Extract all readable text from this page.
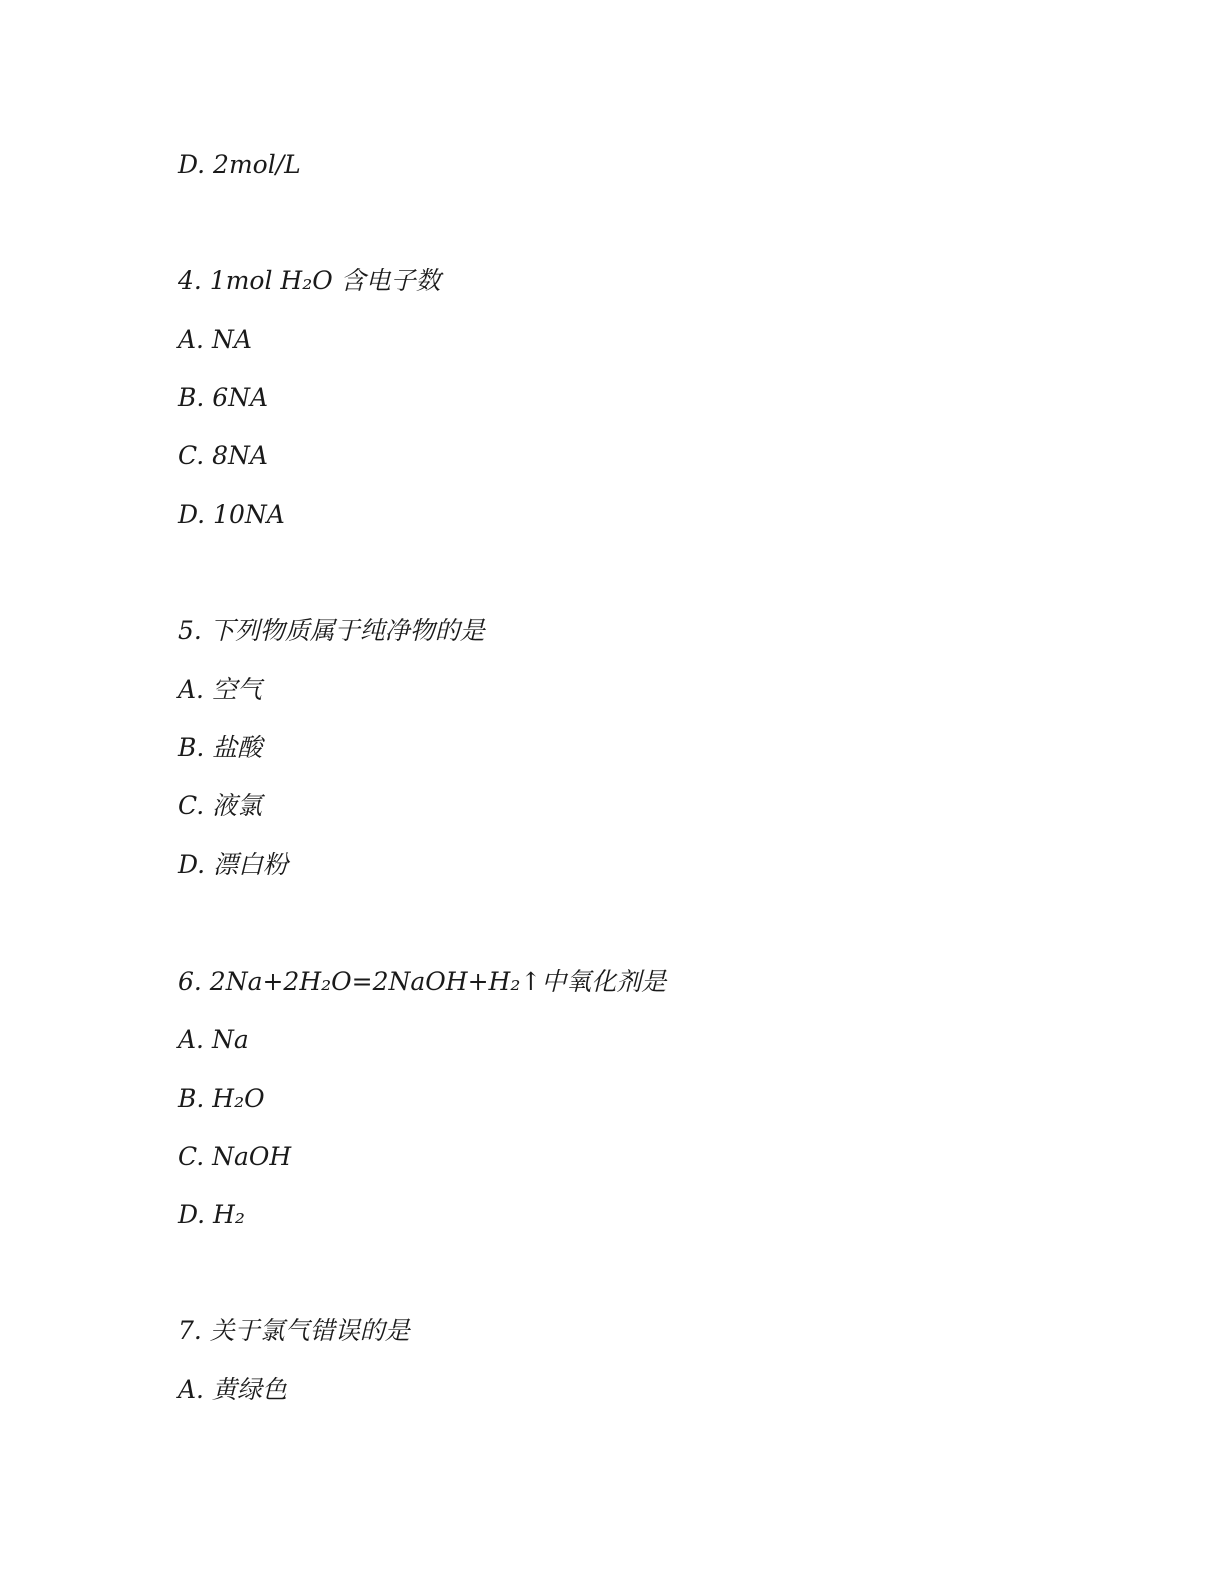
D. 2mol/L
4. 1mol H₂O 含电子数
A. NA
B. 6NA
C. 8NA
D. 10NA
5. 下列物质属于纯净物的是
A. 空气
B. 盐酸
C. 液氯
D. 漂白粉
6. 2Na+2H₂O=2NaOH+H₂↑中氧化剂是
A. Na
B. H₂O
C. NaOH
D. H₂
7. 关于氯气错误的是
A. 黄绿色
